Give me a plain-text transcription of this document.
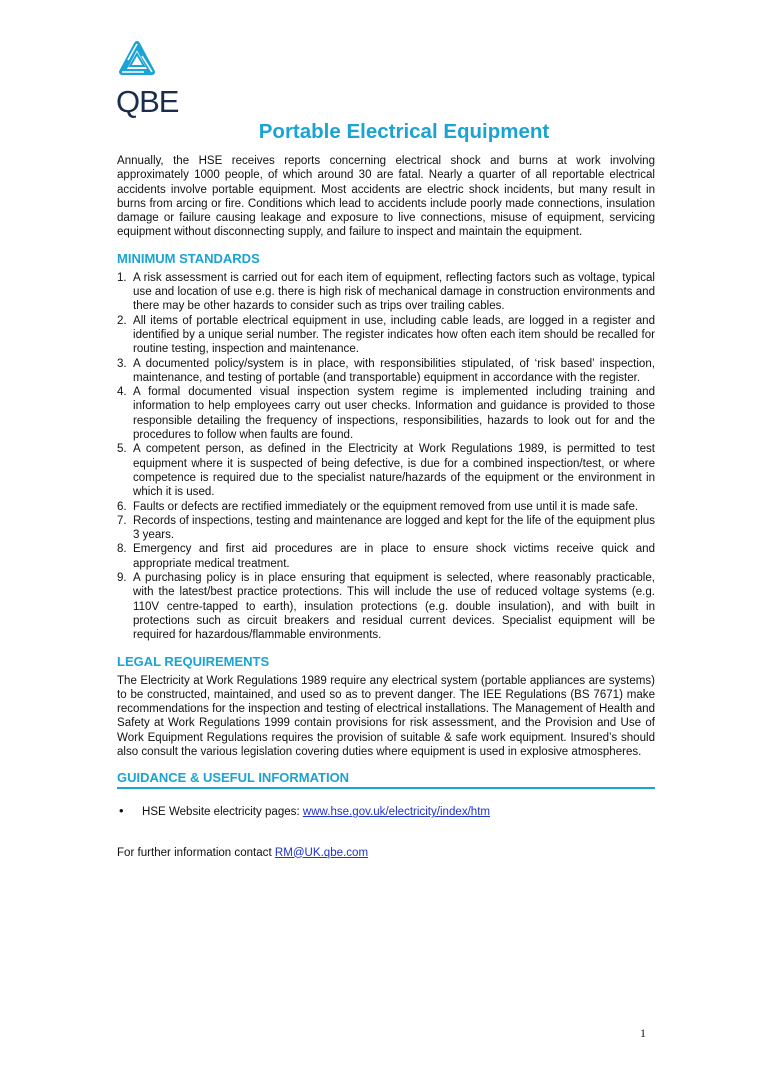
QBE
Portable Electrical Equipment

Annually, the HSE receives reports concerning electrical shock and burns at work involving approximately 1000 people, of which around 30 are fatal. Nearly a quarter of all reportable electrical accidents involve portable equipment. Most accidents are electric shock incidents, but many result in burns from arcing or fire. Conditions which lead to accidents include poorly made connections, insulation damage or failure causing leakage and exposure to live connections, misuse of equipment, servicing equipment without disconnecting supply, and failure to inspect and maintain the equipment.

MINIMUM STANDARDS
1. A risk assessment is carried out for each item of equipment, reflecting factors such as voltage, typical use and location of use e.g. there is high risk of mechanical damage in construction environments and there may be other hazards to consider such as trips over trailing cables.
2. All items of portable electrical equipment in use, including cable leads, are logged in a register and identified by a unique serial number. The register indicates how often each item should be recalled for routine testing, inspection and maintenance.
3. A documented policy/system is in place, with responsibilities stipulated, of ‘risk based’ inspection, maintenance, and testing of portable (and transportable) equipment in accordance with the register.
4. A formal documented visual inspection system regime is implemented including training and information to help employees carry out user checks. Information and guidance is provided to those responsible detailing the frequency of inspections, responsibilities, hazards to look out for and the procedures to follow when faults are found.
5. A competent person, as defined in the Electricity at Work Regulations 1989, is permitted to test equipment where it is suspected of being defective, is due for a combined inspection/test, or where competence is required due to the specialist nature/hazards of the equipment or the environment in which it is used.
6. Faults or defects are rectified immediately or the equipment removed from use until it is made safe.
7. Records of inspections, testing and maintenance are logged and kept for the life of the equipment plus 3 years.
8. Emergency and first aid procedures are in place to ensure shock victims receive quick and appropriate medical treatment.
9. A purchasing policy is in place ensuring that equipment is selected, where reasonably practicable, with the latest/best practice protections. This will include the use of reduced voltage systems (e.g. 110V centre-tapped to earth), insulation protections (e.g. double insulation), and with built in protections such as circuit breakers and residual current devices. Specialist equipment will be required for hazardous/flammable environments.
LEGAL REQUIREMENTS

The Electricity at Work Regulations 1989 require any electrical system (portable appliances are systems) to be constructed, maintained, and used so as to prevent danger. The IEE Regulations (BS 7671) make recommendations for the inspection and testing of electrical installations. The Management of Health and Safety at Work Regulations 1999 contain provisions for risk assessment, and the Provision and Use of Work Equipment Regulations requires the provision of suitable & safe work equipment. Insured’s should also consult the various legislation covering duties where equipment is used in explosive atmospheres.

GUIDANCE & USEFUL INFORMATION
• HSE Website electricity pages: www.hse.gov.uk/electricity/index/htm
For further information contact RM@UK.qbe.com
1
